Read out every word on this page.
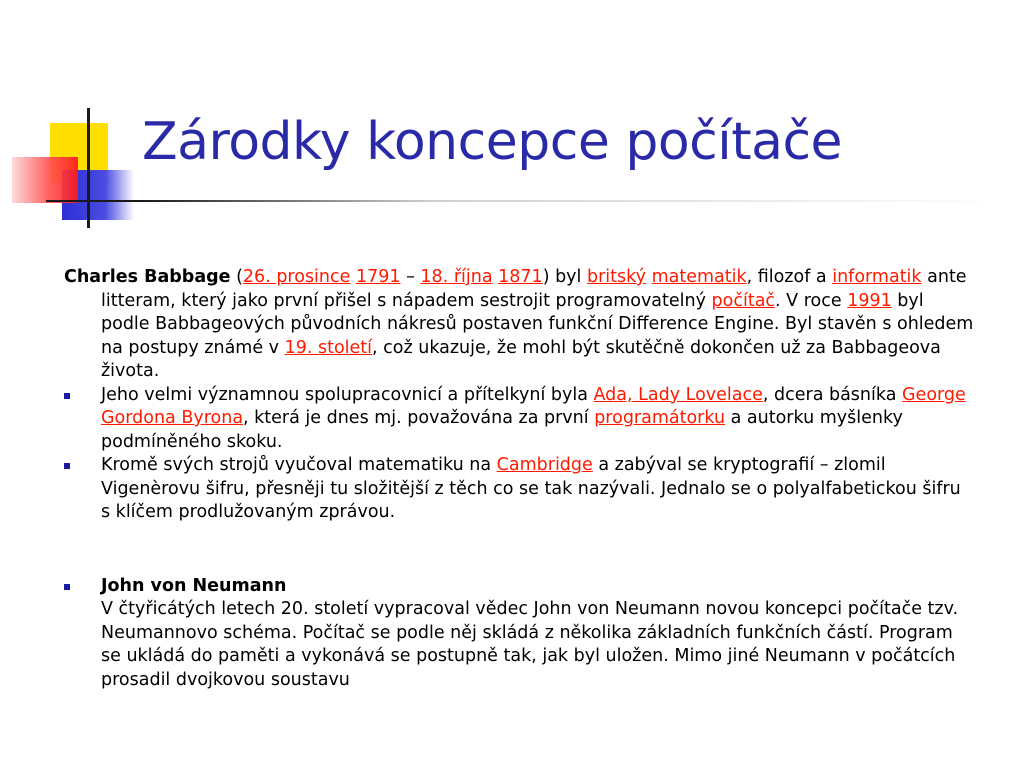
Zárodky koncepce počítače

Charles Babbage (26. prosince 1791 – 18. října 1871) byl britský matematik, filozof a informatik ante litteram, který jako první přišel s nápadem sestrojit programovatelný počítač. V roce 1991 byl podle Babbageových původních nákresů postaven funkční Difference Engine. Byl stavěn s ohledem na postupy známé v 19. století, což ukazuje, že mohl být skutěčně dokončen už za Babbageova života.

Jeho velmi významnou spolupracovnicí a přítelkyní byla Ada, Lady Lovelace, dcera básníka George Gordona Byrona, která je dnes mj. považována za první programátorku a autorku myšlenky podmíněného skoku.
Kromě svých strojů vyučoval matematiku na Cambridge a zabýval se kryptografií – zlomil Vigenèrovu šifru, přesněji tu složitější z těch co se tak nazývali. Jednalo se o polyalfabetickou šifru s klíčem prodlužovaným zprávou.
John von Neumann
V čtyřicátých letech 20. století vypracoval vědec John von Neumann novou koncepci počítače tzv. Neumannovo schéma. Počítač se podle něj skládá z několika základních funkčních částí. Program se ukládá do paměti a vykonává se postupně tak, jak byl uložen. Mimo jiné Neumann v počátcích prosadil dvojkovou soustavu
